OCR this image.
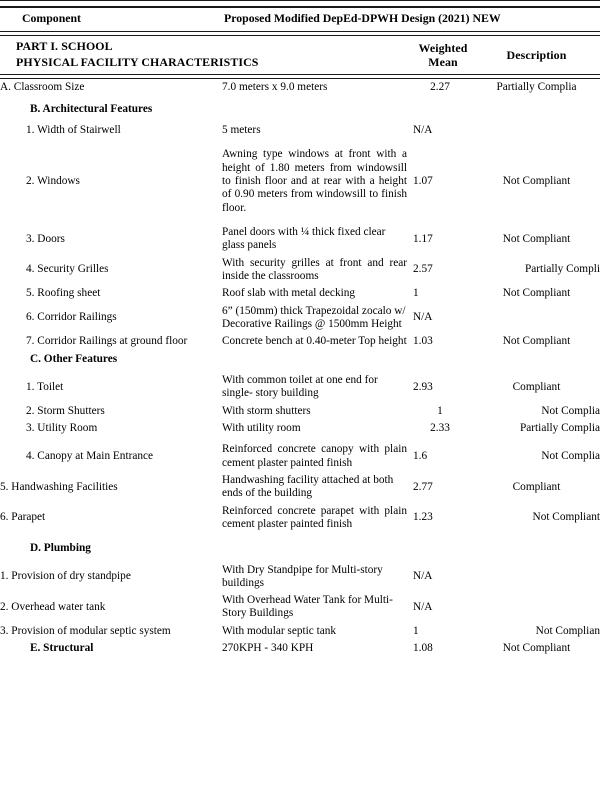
Component	Proposed Modified DepEd-DPWH Design (2021) NEW		

PART I. SCHOOL
PHYSICAL FACILITY CHARACTERISTICS

Weighted
Mean
	Description

A. Classroom Size	7.0 meters x 9.0 meters	2.27	Partially Compliа

B. Architectural Features			

1. Width of Stairwell	5 meters	N/A	

2. Windows	Awning type windows at front with a height of 1.80 meters from windowsill to finish floor and at rear with a height of 0.90 meters from windowsill to finish floor.	1.07	Not Compliant

3. Doors	Panel doors with ¼ thick fixed clear glass panels	1.17	Not Compliant
4. Security Grilles	With security grilles at front and rear inside the classrooms	2.57	Partially Compli
5. Roofing sheet	Roof slab with metal decking	1	Not Compliant
6. Corridor Railings	6” (150mm) thick Trapezoidal zocalo w/ Decorative Railings @ 1500mm Height	N/A	
7. Corridor Railings at ground floor	Concrete bench at 0.40-meter Top height	1.03	Not Compliant
C. Other Features			

1. Toilet	With common toilet at one end for single- story building	2.93	Compliant
2. Storm Shutters	With storm shutters	1	Not Complia
3. Utility Room	With utility room	2.33	Partially Complia

4. Canopy at Main Entrance	Reinforced concrete canopy with plain cement plaster painted finish	1.6	Not Complia
5. Handwashing Facilities	Handwashing facility attached at both ends of the building	2.77	Compliant
6. Parapet	Reinforced concrete parapet with plain cement plaster painted finish	1.23	Not Compliant

D. Plumbing			

1. Provision of dry standpipe	With Dry Standpipe for Multi-story buildings	N/A	
2. Overhead water tank	With Overhead Water Tank for Multi-Story Buildings	N/A	
3. Provision of modular septic system	With modular septic tank	1	Not Complian
E. Structural	270KPH - 340 KPH	1.08	Not Compliant
